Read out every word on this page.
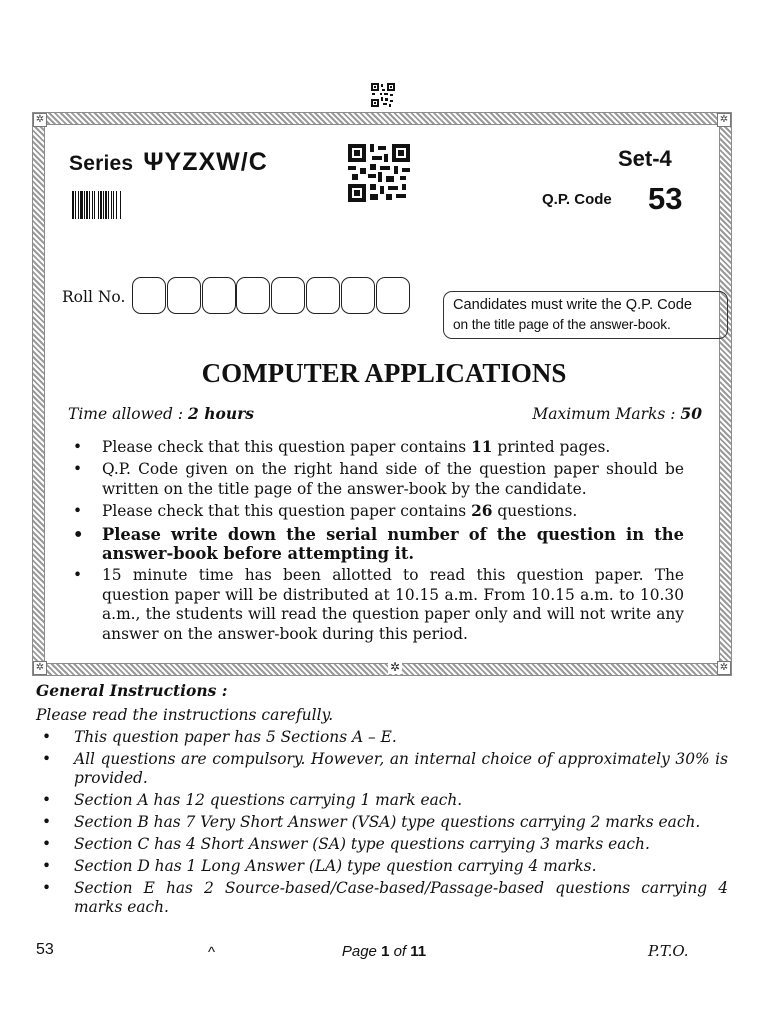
✲	✲
✲	✲
✲
Series ΨYZXW/C	Set-4
Q.P. Code 53
Roll No.	Candidates must write the Q.P. Code
on the title page of the answer-book.
COMPUTER APPLICATIONS
Time allowed : 2 hours	Maximum Marks : 50
• Please check that this question paper contains 11 printed pages.
• Q.P. Code given on the right hand side of the question paper should be written on the title page of the answer-book by the candidate.
• Please check that this question paper contains 26 questions.
• Please write down the serial number of the question in the answer-book before attempting it.
• 15 minute time has been allotted to read this question paper. The question paper will be distributed at 10.15 a.m. From 10.15 a.m. to 10.30 a.m., the students will read the question paper only and will not write any answer on the answer-book during this period.
General Instructions :
Please read the instructions carefully.
• This question paper has 5 Sections A – E.
• All questions are compulsory. However, an internal choice of approximately 30% is provided.
• Section A has 12 questions carrying 1 mark each.
• Section B has 7 Very Short Answer (VSA) type questions carrying 2 marks each.
• Section C has 4 Short Answer (SA) type questions carrying 3 marks each.
• Section D has 1 Long Answer (LA) type question carrying 4 marks.
• Section E has 2 Source-based/Case-based/Passage-based questions carrying 4 marks each.
53	^	Page 1 of 11	P.T.O.
